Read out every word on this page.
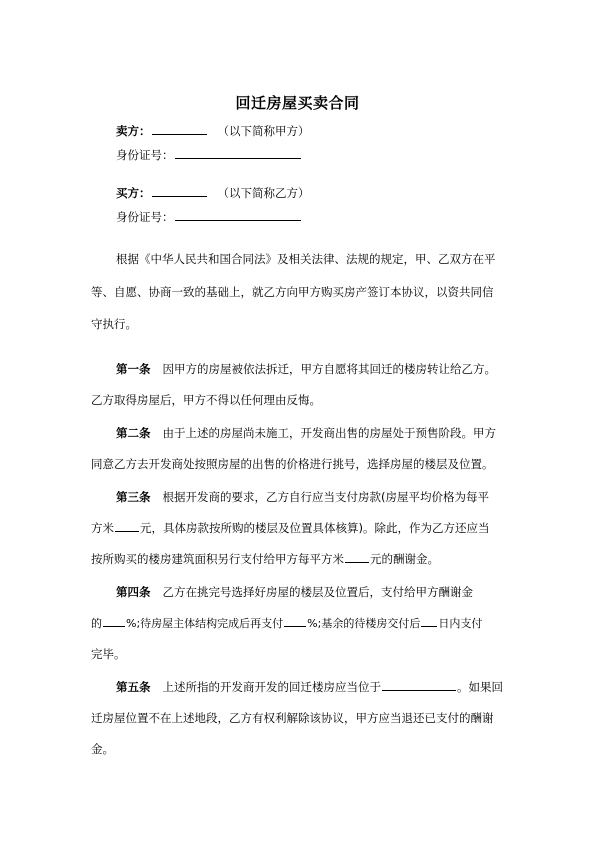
回迁房屋买卖合同
卖方：	（以下简称甲方）
身份证号：
买方：	（以下简称乙方）
身份证号：
根据《中华人民共和国合同法》及相关法律、法规的规定，甲、乙双方在平
等、自愿、协商一致的基础上，就乙方向甲方购买房产签订本协议，以资共同信
守执行。
第一条 因甲方的房屋被依法拆迁，甲方自愿将其回迁的楼房转让给乙方。
乙方取得房屋后，甲方不得以任何理由反悔。
第二条 由于上述的房屋尚未施工，开发商出售的房屋处于预售阶段。甲方
同意乙方去开发商处按照房屋的出售的价格进行挑号，选择房屋的楼层及位置。
第三条 根据开发商的要求，乙方自行应当支付房款(房屋平均价格为每平
方米 元，具体房款按所购的楼层及位置具体核算)。除此，作为乙方还应当
按所购买的楼房建筑面积另行支付给甲方每平方米 元的酬谢金。
第四条 乙方在挑完号选择好房屋的楼层及位置后，支付给甲方酬谢金
的 %;待房屋主体结构完成后再支付 %;基余的待楼房交付后 日内支付
完毕。
第五条 上述所指的开发商开发的回迁楼房应当位于	。如果回
迁房屋位置不在上述地段，乙方有权利解除该协议，甲方应当退还已支付的酬谢
金。
